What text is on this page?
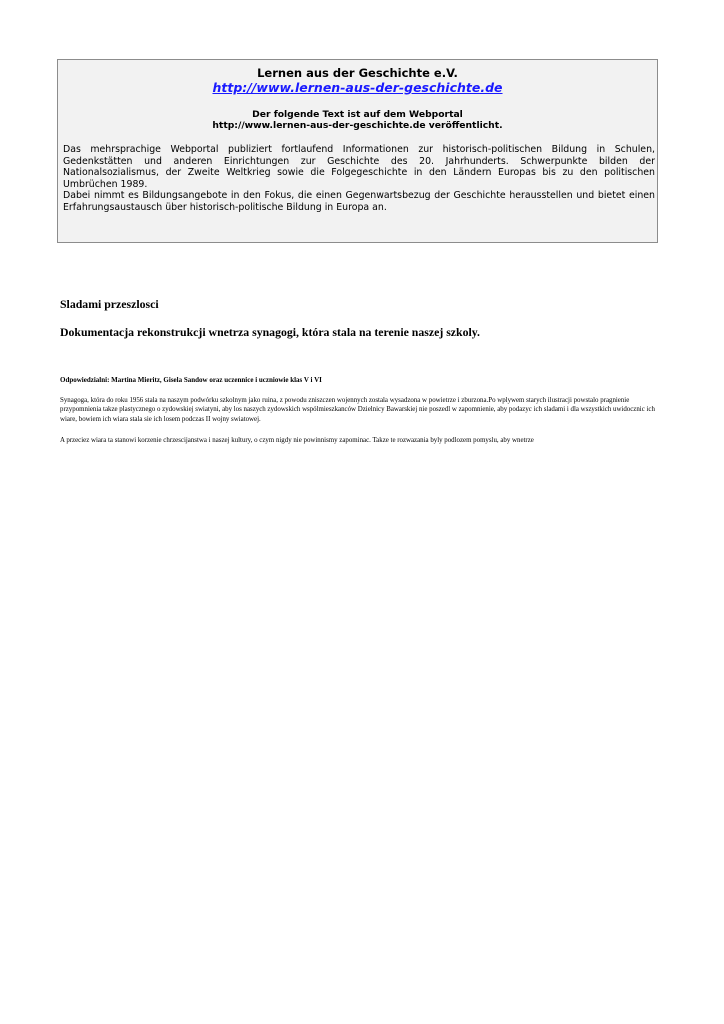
Lernen aus der Geschichte e.V.
http://www.lernen-aus-der-geschichte.de
Der folgende Text ist auf dem Webportal
http://www.lernen-aus-der-geschichte.de veröffentlicht.

Das mehrsprachige Webportal publiziert fortlaufend Informationen zur historisch-politischen Bildung in Schulen, Gedenkstätten und anderen Einrichtungen zur Geschichte des 20. Jahrhunderts. Schwerpunkte bilden der Nationalsozialismus, der Zweite Weltkrieg sowie die Folgegeschichte in den Ländern Europas bis zu den politischen Umbrüchen 1989.

Dabei nimmt es Bildungsangebote in den Fokus, die einen Gegenwartsbezug der Geschichte herausstellen und bietet einen Erfahrungsaustausch über historisch-politische Bildung in Europa an.

Sladami przeszlosci
Dokumentacja rekonstrukcji wnetrza synagogi, która stala na terenie naszej szkoly.
Odpowiedzialni: Martina Mieritz, Gisela Sandow oraz uczennice i uczniowie klas V i VI

Synagoga, która do roku 1956 stala na naszym podwórku szkolnym jako ruina, z powodu zniszczen wojennych zostala wysadzona w powietrze i zburzona.Po wplywem starych ilustracji powstalo pragnienie przypomnienia takze plastycznego o zydowskiej swiatyni, aby los naszych zydowskich wspólmieszkanców Dzielnicy Bawarskiej nie poszedl w zapomnienie, aby podazyc ich sladami i dla wszystkich uwidocznic ich wiare, bowiem ich wiara stala sie ich losem podczas II wojny swiatowej.

A przeciez wiara ta stanowi korzenie chrzescijanstwa i naszej kultury, o czym nigdy nie powinnismy zapominac. Takze te rozwazania byly podlozem pomyslu, aby wnetrze
